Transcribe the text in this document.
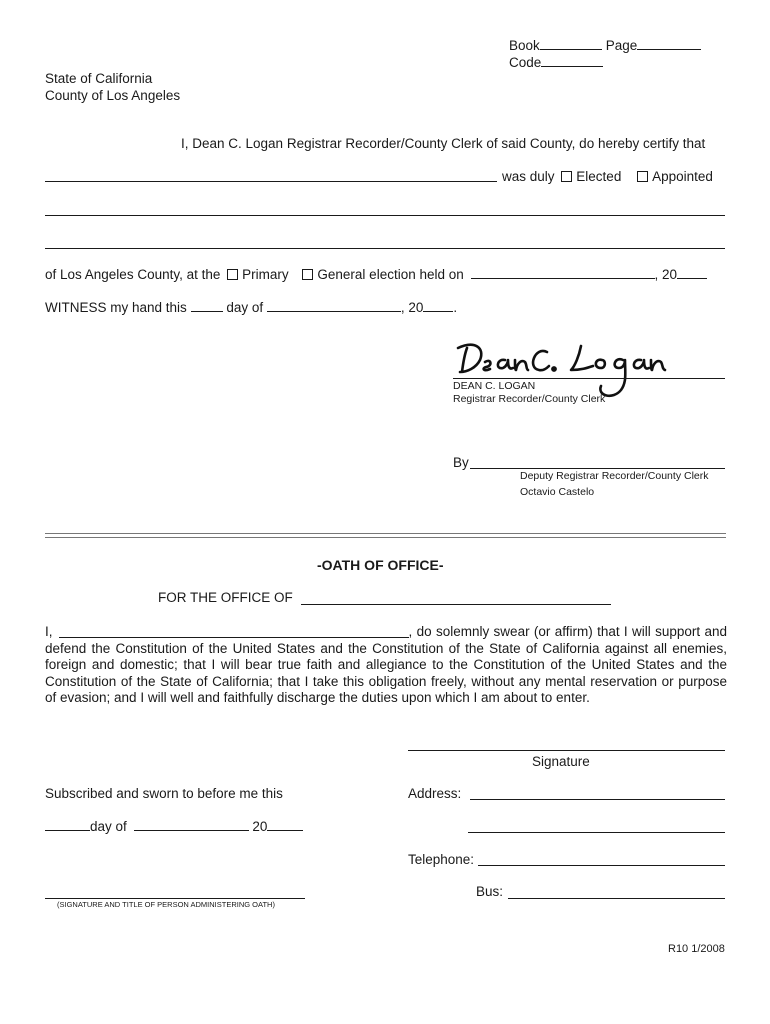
Book	Page
Code
State of California
County of Los Angeles
I, Dean C. Logan Registrar Recorder/County Clerk of said County, do hereby certify that
was duly Elected Appointed
of Los Angeles County, at the Primary General election held on	, 20
WITNESS my hand this	day of	, 20 .
DEAN C. LOGAN
Registrar Recorder/County Clerk
By
Deputy Registrar Recorder/County Clerk
Octavio Castelo
-OATH OF OFFICE-
FOR THE OFFICE OF
I,	, do solemnly swear (or affirm) that I will support and defend the Constitution of the United States and the Constitution of the State of California against all enemies, foreign and domestic; that I will bear true faith and allegiance to the Constitution of the United States and the Constitution of the State of California; that I take this obligation freely, without any mental reservation or purpose of evasion; and I will well and faithfully discharge the duties upon which I am about to enter.
Signature
Subscribed and sworn to before me this	Address:
day of	20
Telephone:
Bus:
(SIGNATURE AND TITLE OF PERSON ADMINISTERING OATH)
R10 1/2008
